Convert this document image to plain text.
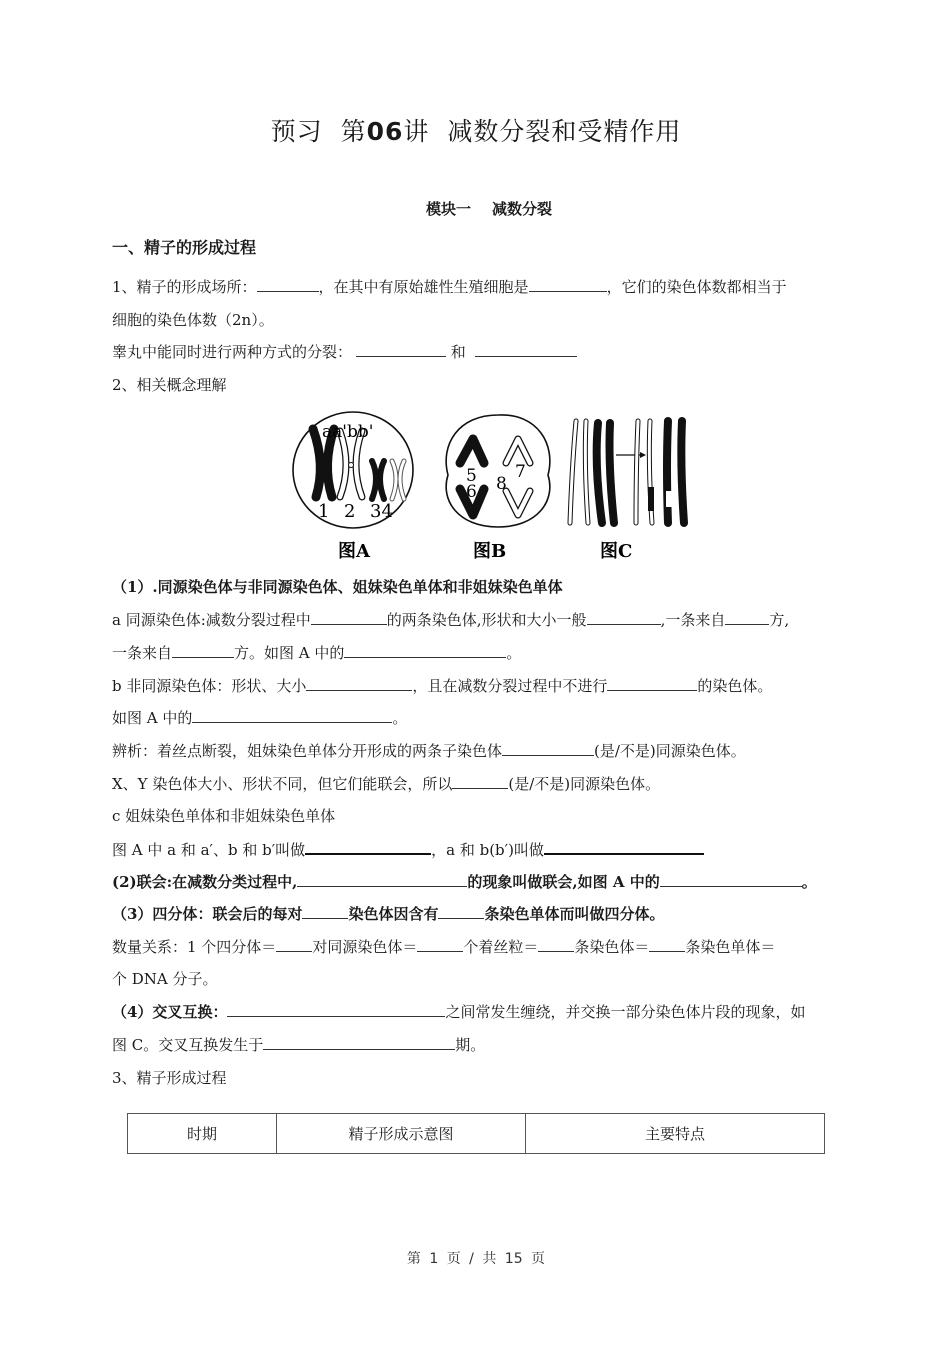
预习 第06讲 减数分裂和受精作用
模块一 减数分裂
一、精子的形成过程
1、精子的形成场所：	，在其中有原始雄性生殖细胞是	，它们的染色体数都相当于
细胞的染色体数（2n）。
睾丸中能同时进行两种方式的分裂：	和
2、相关概念理解
aa'bb'
1 2 34
图A
5
6
7
8
图B	图C
（1）.同源染色体与非同源染色体、姐妹染色单体和非姐妹染色单体
a 同源染色体:减数分裂过程中	的两条染色体,形状和大小一般	,一条来自	方,
一条来自	方。如图 A 中的	。
b 非同源染色体：形状、大小	，且在减数分裂过程中不进行	的染色体。
如图 A 中的	。
辨析：着丝点断裂，姐妹染色单体分开形成的两条子染色体	(是/不是)同源染色体。
X、Y 染色体大小、形状不同，但它们能联会，所以	(是/不是)同源染色体。
c 姐妹染色单体和非姐妹染色单体
图 A 中 a 和 a′、b 和 b′叫做	，a 和 b(b′)叫做
(2)联会:在减数分类过程中,	的现象叫做联会,如图 A 中的	。
（3）四分体：联会后的每对	染色体因含有	条染色单体而叫做四分体。
数量关系：1 个四分体＝ 对同源染色体＝	个着丝粒＝ 条染色体＝ 条染色单体＝
个 DNA 分子。
（4）交叉互换：	之间常发生缠绕，并交换一部分染色体片段的现象，如
图 C。交叉互换发生于	期。
3、精子形成过程
时期	精子形成示意图	主要特点
第 1 页 / 共 15 页
